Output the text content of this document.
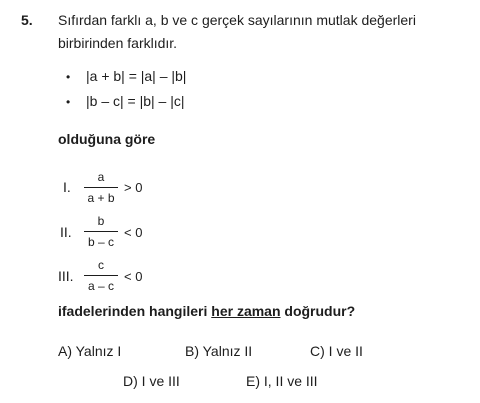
5. Sıfırdan farklı a, b ve c gerçek sayılarının mutlak değerleri
birbirinden farklıdır.
• |a + b| = |a| – |b|
• |b – c| = |b| – |c|
olduğuna göre
I.
a
a + b
> 0
II.
b
b – c
< 0
III.
c
a – c
< 0
ifadelerinden hangileri her zaman doğrudur?
A) Yalnız I	B) Yalnız II	C) I ve II
D) I ve III	E) I, II ve III
